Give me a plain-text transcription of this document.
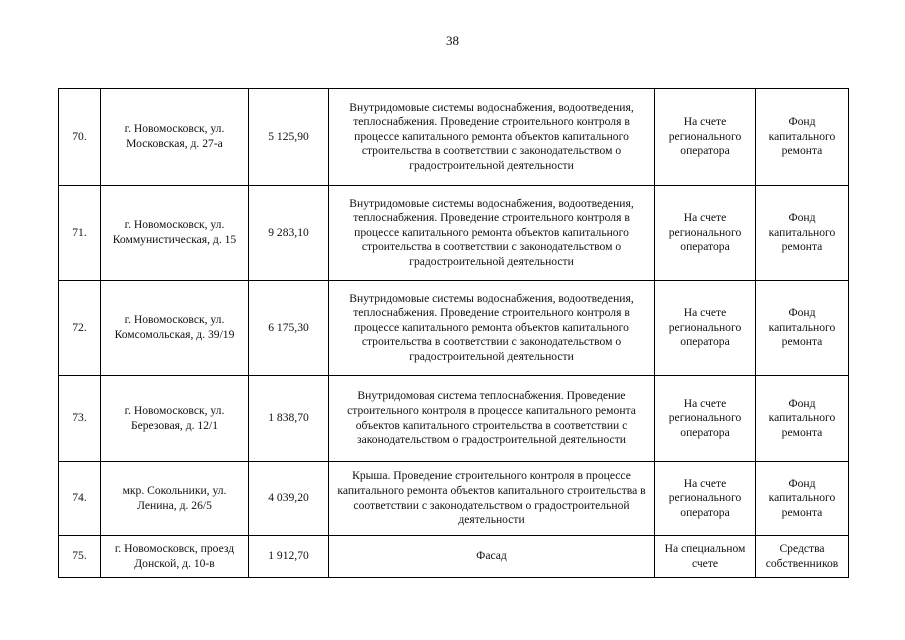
38
70.	г. Новомосковск, ул. Московская, д. 27-а	5 125,90	Внутридомовые системы водоснабжения, водоотведения, теплоснабжения. Проведение строительного контроля в процессе капитального ремонта объектов капитального строительства в соответствии с законодательством о градостроительной деятельности	На счете регионального оператора	Фонд капитального ремонта
71.	г. Новомосковск, ул. Коммунистическая, д. 15	9 283,10	Внутридомовые системы водоснабжения, водоотведения, теплоснабжения. Проведение строительного контроля в процессе капитального ремонта объектов капитального строительства в соответствии с законодательством о градостроительной деятельности	На счете регионального оператора	Фонд капитального ремонта
72.	г. Новомосковск, ул. Комсомольская, д. 39/19	6 175,30	Внутридомовые системы водоснабжения, водоотведения, теплоснабжения. Проведение строительного контроля в процессе капитального ремонта объектов капитального строительства в соответствии с законодательством о градостроительной деятельности	На счете регионального оператора	Фонд капитального ремонта
73.	г. Новомосковск, ул. Березовая, д. 12/1	1 838,70	Внутридомовая система теплоснабжения. Проведение строительного контроля в процессе капитального ремонта объектов капитального строительства в соответствии с законодательством о градостроительной деятельности	На счете регионального оператора	Фонд капитального ремонта
74.	мкр. Сокольники, ул. Ленина, д. 26/5	4 039,20	Крыша. Проведение строительного контроля в процессе капитального ремонта объектов капитального строительства в соответствии с законодательством о градостроительной деятельности	На счете регионального оператора	Фонд капитального ремонта
75.	г. Новомосковск, проезд Донской, д. 10-в	1 912,70	Фасад	На специальном счете	Средства собственников
